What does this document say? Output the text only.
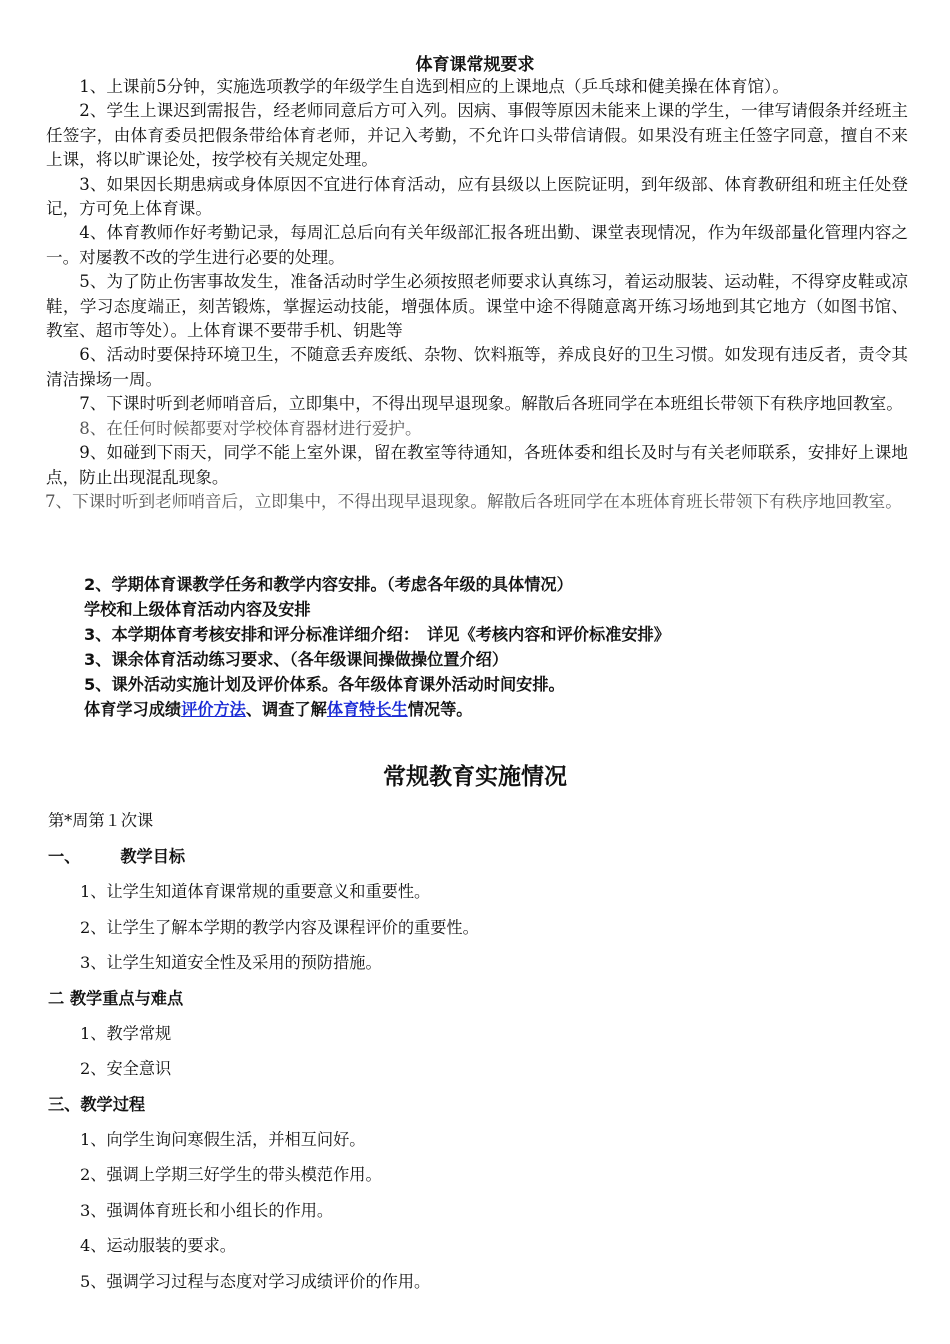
体育课常规要求

1、上课前5分钟，实施选项教学的年级学生自选到相应的上课地点（乒乓球和健美操在体育馆）。

2、学生上课迟到需报告，经老师同意后方可入列。因病、事假等原因未能来上课的学生，一律写请假条并经班主任签字，由体育委员把假条带给体育老师，并记入考勤，不允许口头带信请假。如果没有班主任签字同意，擅自不来上课，将以旷课论处，按学校有关规定处理。

3、如果因长期患病或身体原因不宜进行体育活动，应有县级以上医院证明，到年级部、体育教研组和班主任处登记，方可免上体育课。

4、体育教师作好考勤记录，每周汇总后向有关年级部汇报各班出勤、课堂表现情况，作为年级部量化管理内容之一。对屡教不改的学生进行必要的处理。

5、为了防止伤害事故发生，准备活动时学生必须按照老师要求认真练习，着运动服装、运动鞋，不得穿皮鞋或凉鞋，学习态度端正，刻苦锻炼，掌握运动技能，增强体质。课堂中途不得随意离开练习场地到其它地方（如图书馆、教室、超市等处）。上体育课不要带手机、钥匙等

6、活动时要保持环境卫生，不随意丢弃废纸、杂物、饮料瓶等，养成良好的卫生习惯。如发现有违反者，责令其清洁操场一周。

7、下课时听到老师哨音后，立即集中，不得出现早退现象。解散后各班同学在本班组长带领下有秩序地回教室。

8、在任何时候都要对学校体育器材进行爱护。

9、如碰到下雨天，同学不能上室外课，留在教室等待通知，各班体委和组长及时与有关老师联系，安排好上课地点，防止出现混乱现象。

7、下课时听到老师哨音后，立即集中，不得出现早退现象。解散后各班同学在本班体育班长带领下有秩序地回教室。

2、学期体育课教学任务和教学内容安排。（考虑各年级的具体情况）
学校和上级体育活动内容及安排
3、本学期体育考核安排和评分标准详细介绍：　详见《考核内容和评价标准安排》
3、课余体育活动练习要求、（各年级课间操做操位置介绍）
5、课外活动实施计划及评价体系。各年级体育课外活动时间安排。
体育学习成绩评价方法、调查了解体育特长生情况等。
常规教育实施情况
第*周第１次课
一、 教学目标
1、让学生知道体育课常规的重要意义和重要性。
2、让学生了解本学期的教学内容及课程评价的重要性。
3、让学生知道安全性及采用的预防措施。
二 教学重点与难点
1、教学常规
2、安全意识
三、教学过程
1、向学生询问寒假生活，并相互问好。
2、强调上学期三好学生的带头模范作用。
3、强调体育班长和小组长的作用。
4、运动服装的要求。
5、强调学习过程与态度对学习成绩评价的作用。
